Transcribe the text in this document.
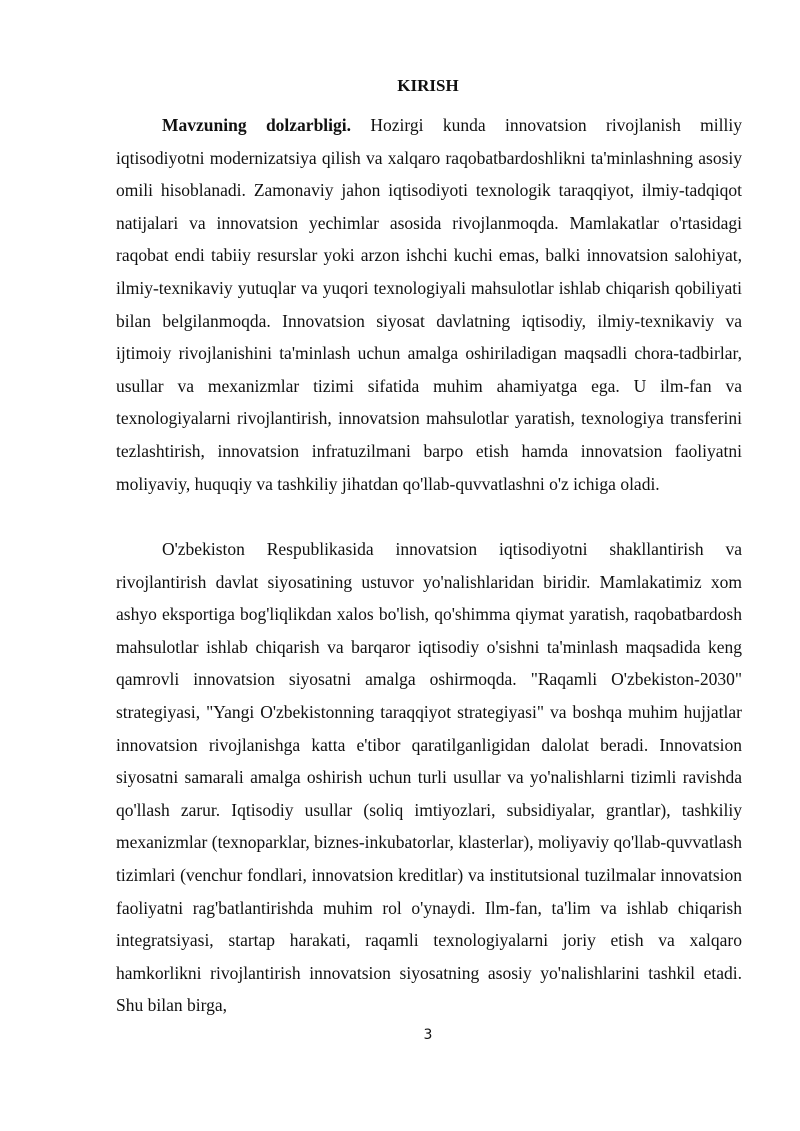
KIRISH

Mavzuning dolzarbligi. Hozirgi kunda innovatsion rivojlanish milliy iqtisodiyotni modernizatsiya qilish va xalqaro raqobatbardoshlikni ta'minlashning asosiy omili hisoblanadi. Zamonaviy jahon iqtisodiyoti texnologik taraqqiyot, ilmiy-tadqiqot natijalari va innovatsion yechimlar asosida rivojlanmoqda. Mamlakatlar o'rtasidagi raqobat endi tabiiy resurslar yoki arzon ishchi kuchi emas, balki innovatsion salohiyat, ilmiy-texnikaviy yutuqlar va yuqori texnologiyali mahsulotlar ishlab chiqarish qobiliyati bilan belgilanmoqda. Innovatsion siyosat davlatning iqtisodiy, ilmiy-texnikaviy va ijtimoiy rivojlanishini ta'minlash uchun amalga oshiriladigan maqsadli chora-tadbirlar, usullar va mexanizmlar tizimi sifatida muhim ahamiyatga ega. U ilm-fan va texnologiyalarni rivojlantirish, innovatsion mahsulotlar yaratish, texnologiya transferini tezlashtirish, innovatsion infratuzilmani barpo etish hamda innovatsion faoliyatni moliyaviy, huquqiy va tashkiliy jihatdan qo'llab-quvvatlashni o'z ichiga oladi.

O'zbekiston Respublikasida innovatsion iqtisodiyotni shakllantirish va rivojlantirish davlat siyosatining ustuvor yo'nalishlaridan biridir. Mamlakatimiz xom ashyo eksportiga bog'liqlikdan xalos bo'lish, qo'shimma qiymat yaratish, raqobatbardosh mahsulotlar ishlab chiqarish va barqaror iqtisodiy o'sishni ta'minlash maqsadida keng qamrovli innovatsion siyosatni amalga oshirmoqda. "Raqamli O'zbekiston-2030" strategiyasi, "Yangi O'zbekistonning taraqqiyot strategiyasi" va boshqa muhim hujjatlar innovatsion rivojlanishga katta e'tibor qaratilganligidan dalolat beradi. Innovatsion siyosatni samarali amalga oshirish uchun turli usullar va yo'nalishlarni tizimli ravishda qo'llash zarur. Iqtisodiy usullar (soliq imtiyozlari, subsidiyalar, grantlar), tashkiliy mexanizmlar (texnoparklar, biznes-inkubatorlar, klasterlar), moliyaviy qo'llab-quvvatlash tizimlari (venchur fondlari, innovatsion kreditlar) va institutsional tuzilmalar innovatsion faoliyatni rag'batlantirishda muhim rol o'ynaydi. Ilm-fan, ta'lim va ishlab chiqarish integratsiyasi, startap harakati, raqamli texnologiyalarni joriy etish va xalqaro hamkorlikni rivojlantirish innovatsion siyosatning asosiy yo'nalishlarini tashkil etadi. Shu bilan birga,

3
